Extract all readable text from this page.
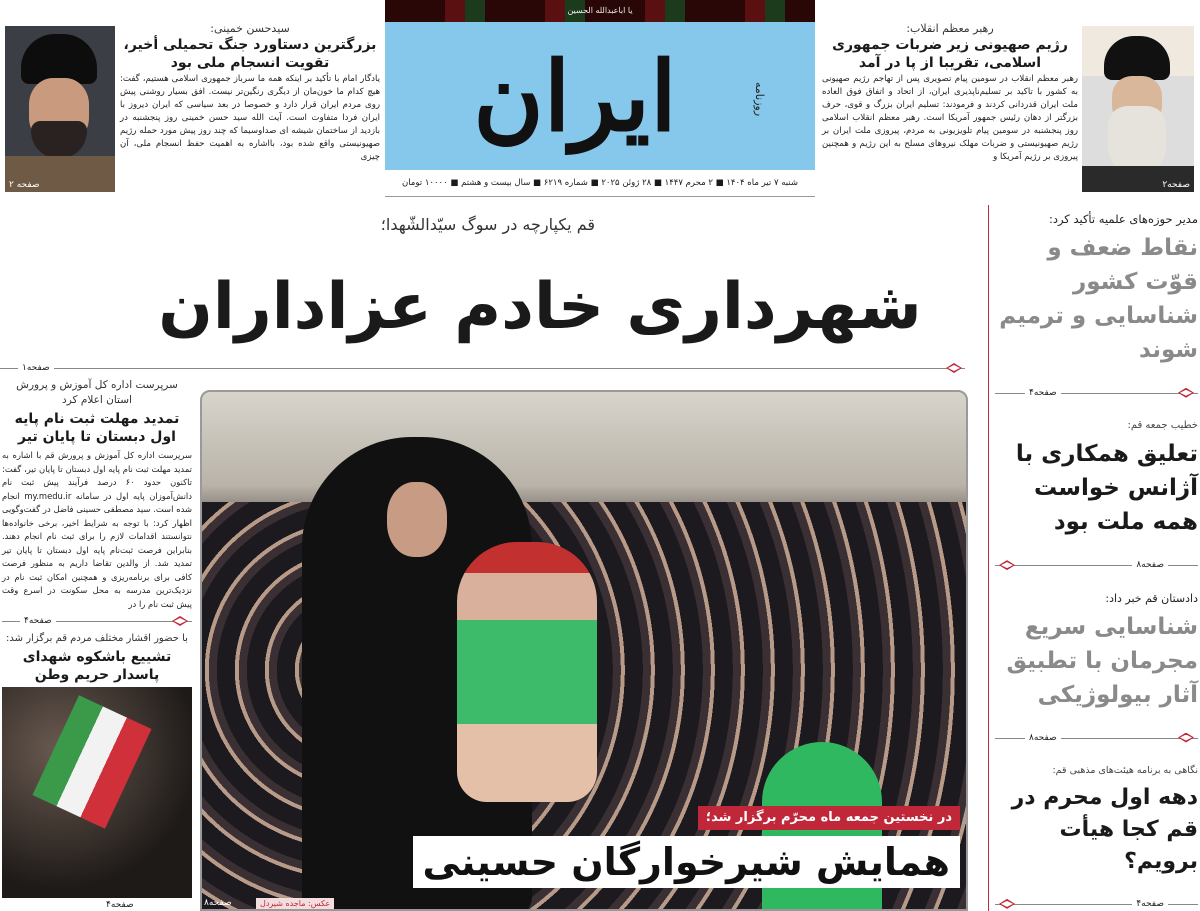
یا اباعبدالله الحسین
ایران	روزنامه
شنبه ۷ تیر ماه ۱۴۰۴ ■ ۲ محرم ۱۴۴۷ ■ ۲۸ ژوئن ۲۰۲۵ ■ شماره ۶۲۱۹ ■ سال بیست و هشتم ■ ۱۰۰۰۰ تومان
رهبر معظم انقلاب:
رژیم صهیونی زیر ضربات جمهوری اسلامی، تقریبا از پا در آمد
رهبر معظم انقلاب در سومین پیام تصویری پس از تهاجم رژیم صهیونی به کشور با تاکید بر تسلیم‌ناپذیری ایران، از اتحاد و اتفاق فوق العاده ملت ایران قدردانی کردند و فرمودند: تسلیم ایران بزرگ و قوی، حرف بزرگتر از دهان رئیس جمهور آمریکا است. رهبر معظم انقلاب اسلامی روز پنجشنبه در سومین پیام تلویزیونی به مردم، پیروزی ملت ایران بر رژیم صهیونیستی و ضربات مهلک نیروهای مسلح به این رژیم و همچنین پیروزی بر رژیم آمریکا و
صفحه۲
صفحه ۲
سیدحسن خمینی:
بزرگترین دستاورد جنگ تحمیلی أخیر، تقویت انسجام ملی بود
یادگار امام با تأکید بر اینکه همه ما سرباز جمهوری اسلامی هستیم، گفت: هیچ کدام ما خون‌مان از دیگری رنگین‌تر نیست. افق بسیار روشنی پیش روی مردم ایران قرار دارد و خصوصا در بعد سیاسی که ایران دیروز با ایران فردا متفاوت است. آیت الله سید حسن خمینی روز پنجشنبه در بازدید از ساختمان شیشه ای صداوسیما که چند روز پیش مورد حمله رژیم صهیونیستی واقع شده بود، بااشاره به اهمیت حفظ انسجام ملی، آن چیزی
قم یکپارچه در سوگ سیّدالشّهدا؛
شهرداری خادم عزاداران
صفحه۱
سرپرست اداره کل آموزش و پرورش استان اعلام کرد
تمدید مهلت ثبت نام پایه اول دبستان تا پایان تیر
سرپرست اداره کل آموزش و پرورش قم با اشاره به تمدید مهلت ثبت نام پایه اول دبستان تا پایان تیر، گفت: تاکنون حدود ۶۰ درصد فرآیند پیش ثبت نام دانش‌آموزان پایه اول در سامانه my.medu.ir انجام شده است. سید مصطفی حسینی فاضل در گفت‌وگویی اظهار کرد: با توجه به شرایط اخیر، برخی خانواده‌ها نتوانستند اقدامات لازم را برای ثبت نام انجام دهند. بنابراین فرصت ثبت‌نام پایه اول دبستان تا پایان تیر تمدید شد. از والدین تقاضا داریم به منظور فرصت کافی برای برنامه‌ریزی و همچنین امکان ثبت نام در نزدیک‌ترین مدرسه به محل سکونت در اسرع وقت پیش ثبت نام را در
صفحه۴
با حضور اقشار مختلف مردم قم برگزار شد:
تشییع باشکوه شهدای پاسدار حریم وطن
صفحه۴
در نخستین جمعه ماه محرّم برگزار شد؛
همایش شیرخوارگان حسینی
عکس: ماجده شیردل
صفحه۸
مدیر حوزه‌های علمیه تأکید کرد:
نقاط ضعف و قوّت کشور شناسایی و ترمیم شوند
صفحه۴
خطیب جمعه قم:
تعلیق همکاری با آژانس خواست همه ملت بود
صفحه۸
دادستان قم خبر داد:
شناسایی سریع مجرمان با تطبیق آثار بیولوژیکی
صفحه۸
نگاهی به برنامه هیئت‌های مذهبی قم:
دهه اول محرم در قم کجا هیأت برویم؟
صفحه۴
